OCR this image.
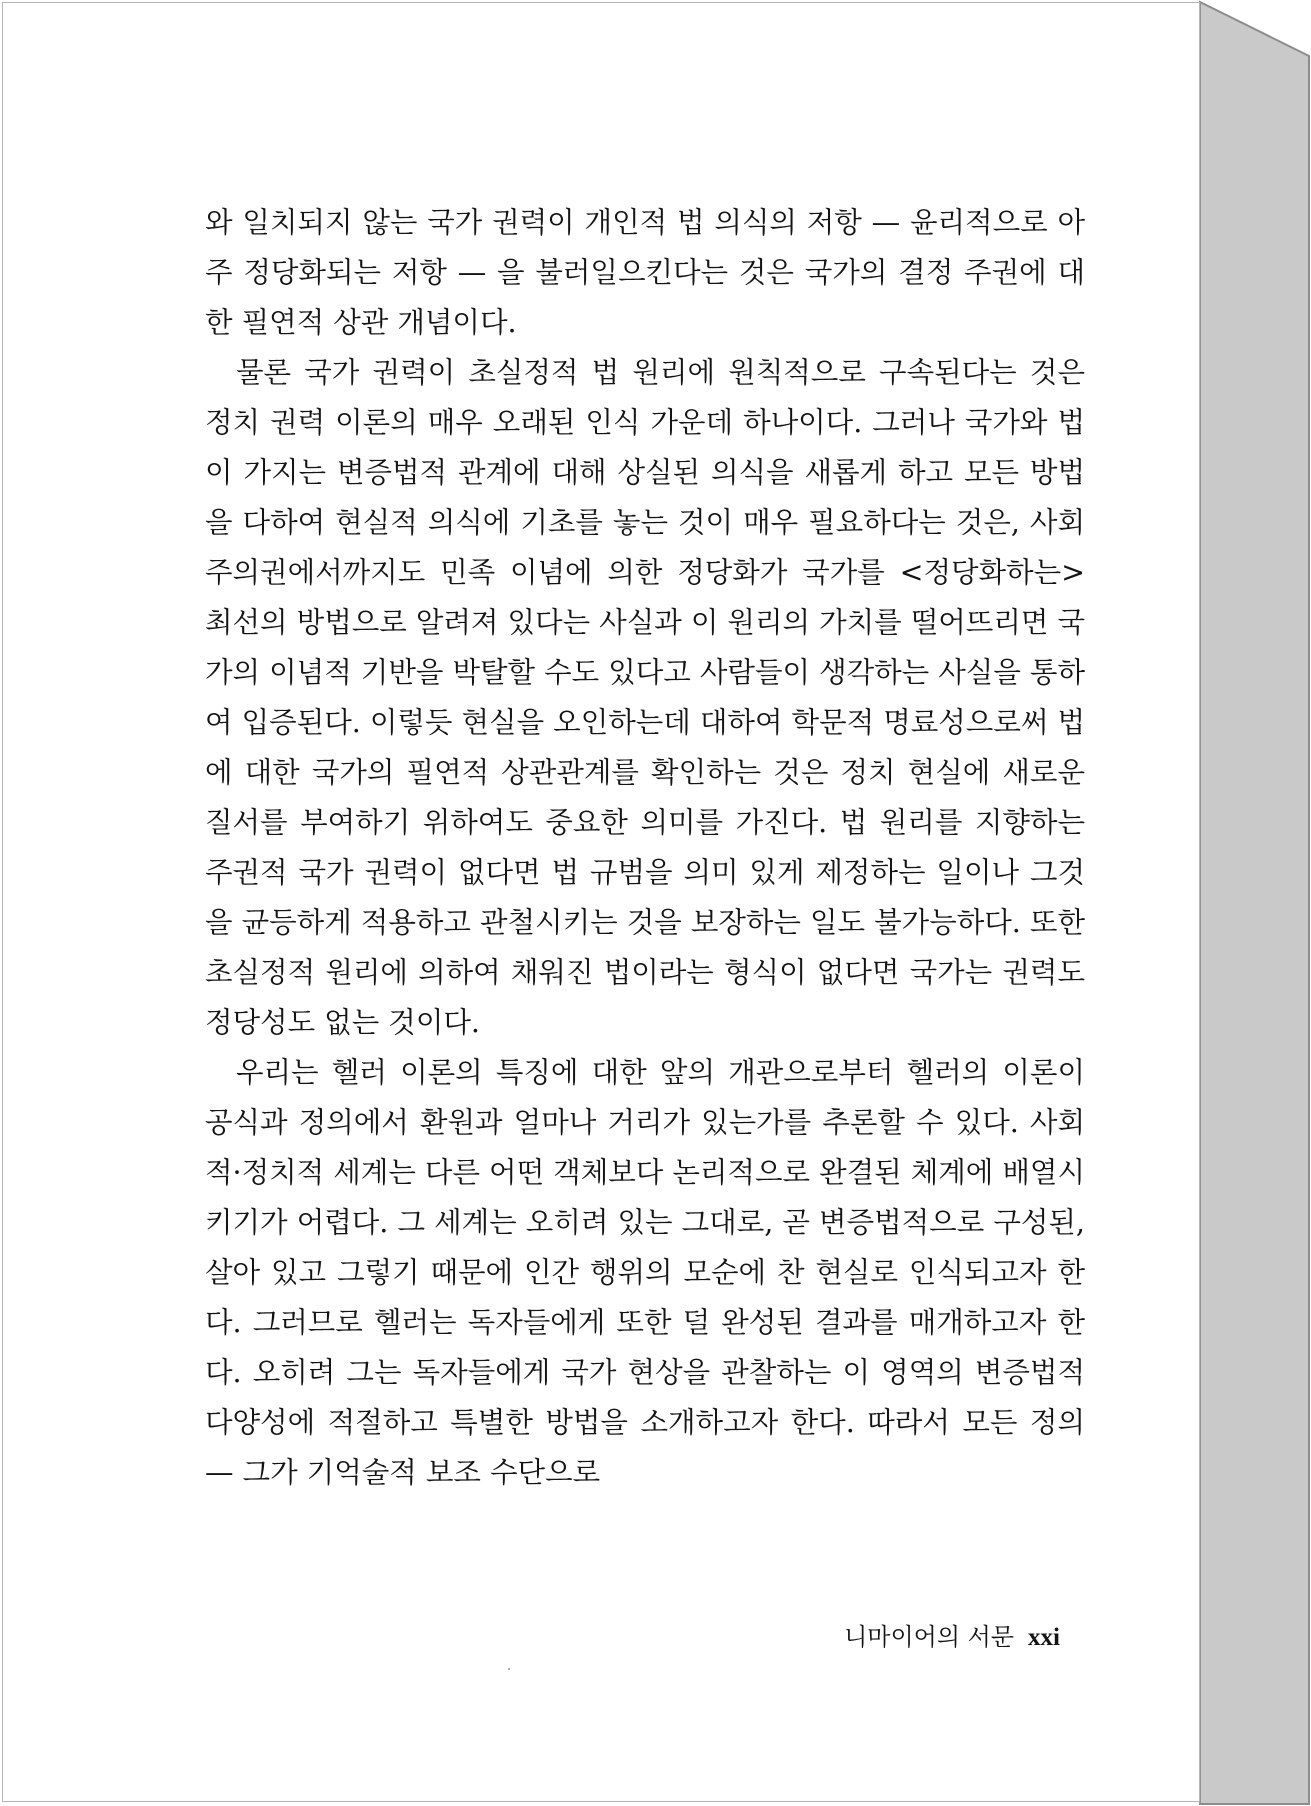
와 일치되지 않는 국가 권력이 개인적 법 의식의 저항 — 윤리적으로 아주 정당화되는 저항 — 을 불러일으킨다는 것은 국가의 결정 주권에 대한 필연적 상관 개념이다.

물론 국가 권력이 초실정적 법 원리에 원칙적으로 구속된다는 것은 정치 권력 이론의 매우 오래된 인식 가운데 하나이다. 그러나 국가와 법이 가지는 변증법적 관계에 대해 상실된 의식을 새롭게 하고 모든 방법을 다하여 현실적 의식에 기초를 놓는 것이 매우 필요하다는 것은, 사회주의권에서까지도 민족 이념에 의한 정당화가 국가를 <정당화하는> 최선의 방법으로 알려져 있다는 사실과 이 원리의 가치를 떨어뜨리면 국가의 이념적 기반을 박탈할 수도 있다고 사람들이 생각하는 사실을 통하여 입증된다. 이렇듯 현실을 오인하는데 대하여 학문적 명료성으로써 법에 대한 국가의 필연적 상관관계를 확인하는 것은 정치 현실에 새로운 질서를 부여하기 위하여도 중요한 의미를 가진다. 법 원리를 지향하는 주권적 국가 권력이 없다면 법 규범을 의미 있게 제정하는 일이나 그것을 균등하게 적용하고 관철시키는 것을 보장하는 일도 불가능하다. 또한 초실정적 원리에 의하여 채워진 법이라는 형식이 없다면 국가는 권력도 정당성도 없는 것이다.

우리는 헬러 이론의 특징에 대한 앞의 개관으로부터 헬러의 이론이 공식과 정의에서 환원과 얼마나 거리가 있는가를 추론할 수 있다. 사회적·정치적 세계는 다른 어떤 객체보다 논리적으로 완결된 체계에 배열시키기가 어렵다. 그 세계는 오히려 있는 그대로, 곧 변증법적으로 구성된, 살아 있고 그렇기 때문에 인간 행위의 모순에 찬 현실로 인식되고자 한다. 그러므로 헬러는 독자들에게 또한 덜 완성된 결과를 매개하고자 한다. 오히려 그는 독자들에게 국가 현상을 관찰하는 이 영역의 변증법적 다양성에 적절하고 특별한 방법을 소개하고자 한다. 따라서 모든 정의 — 그가 기억술적 보조 수단으로

니마이어의 서문 xxi
